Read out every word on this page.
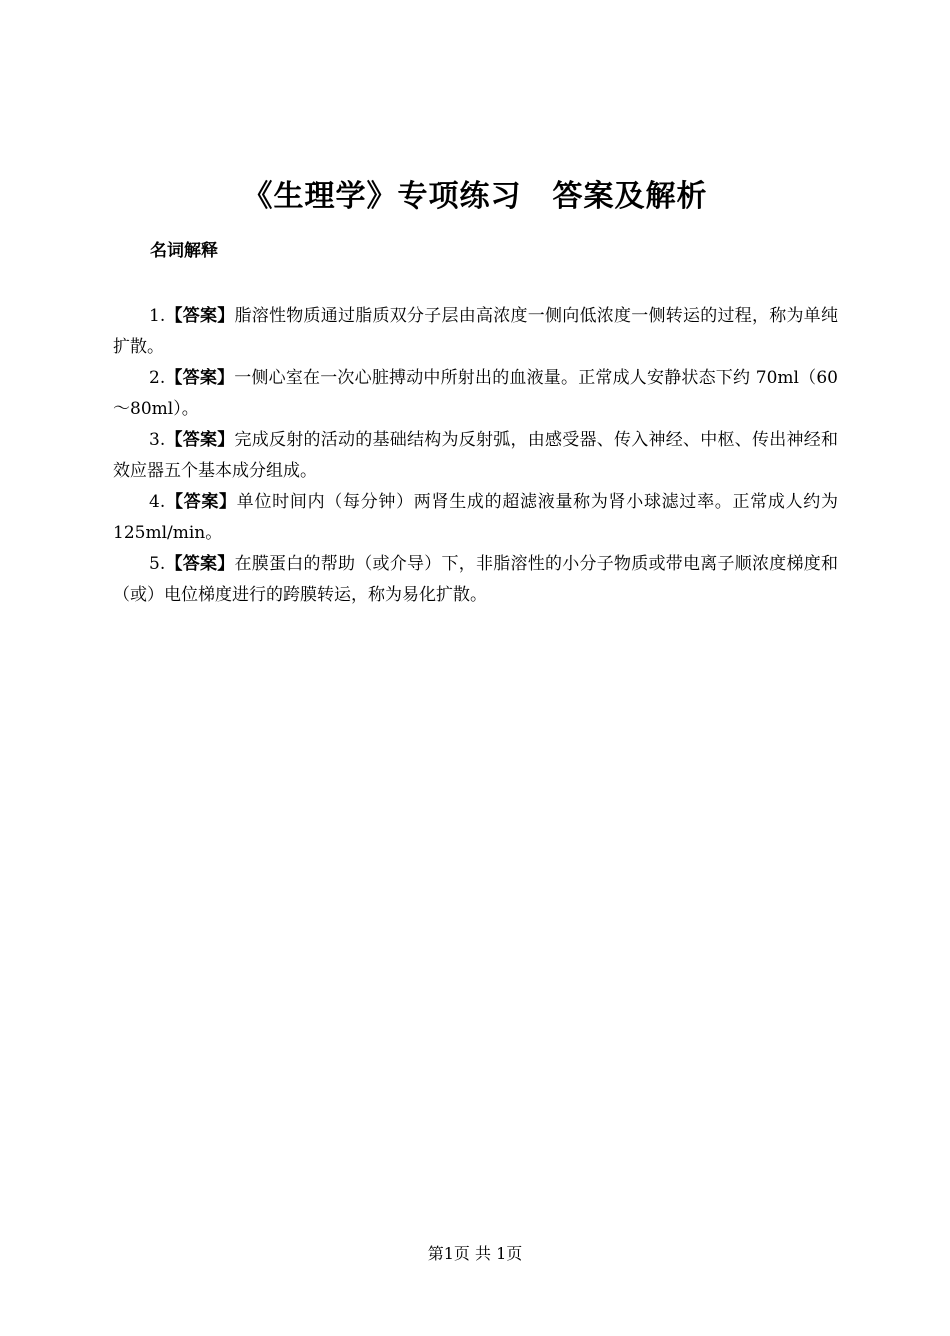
《生理学》专项练习　答案及解析
名词解释

1.【答案】脂溶性物质通过脂质双分子层由高浓度一侧向低浓度一侧转运的过程，称为单纯扩散。

2.【答案】一侧心室在一次心脏搏动中所射出的血液量。正常成人安静状态下约 70ml（60～80ml）。

3.【答案】完成反射的活动的基础结构为反射弧，由感受器、传入神经、中枢、传出神经和效应器五个基本成分组成。

4.【答案】单位时间内（每分钟）两肾生成的超滤液量称为肾小球滤过率。正常成人约为 125ml/min。

5.【答案】在膜蛋白的帮助（或介导）下，非脂溶性的小分子物质或带电离子顺浓度梯度和（或）电位梯度进行的跨膜转运，称为易化扩散。

第1页 共 1页
